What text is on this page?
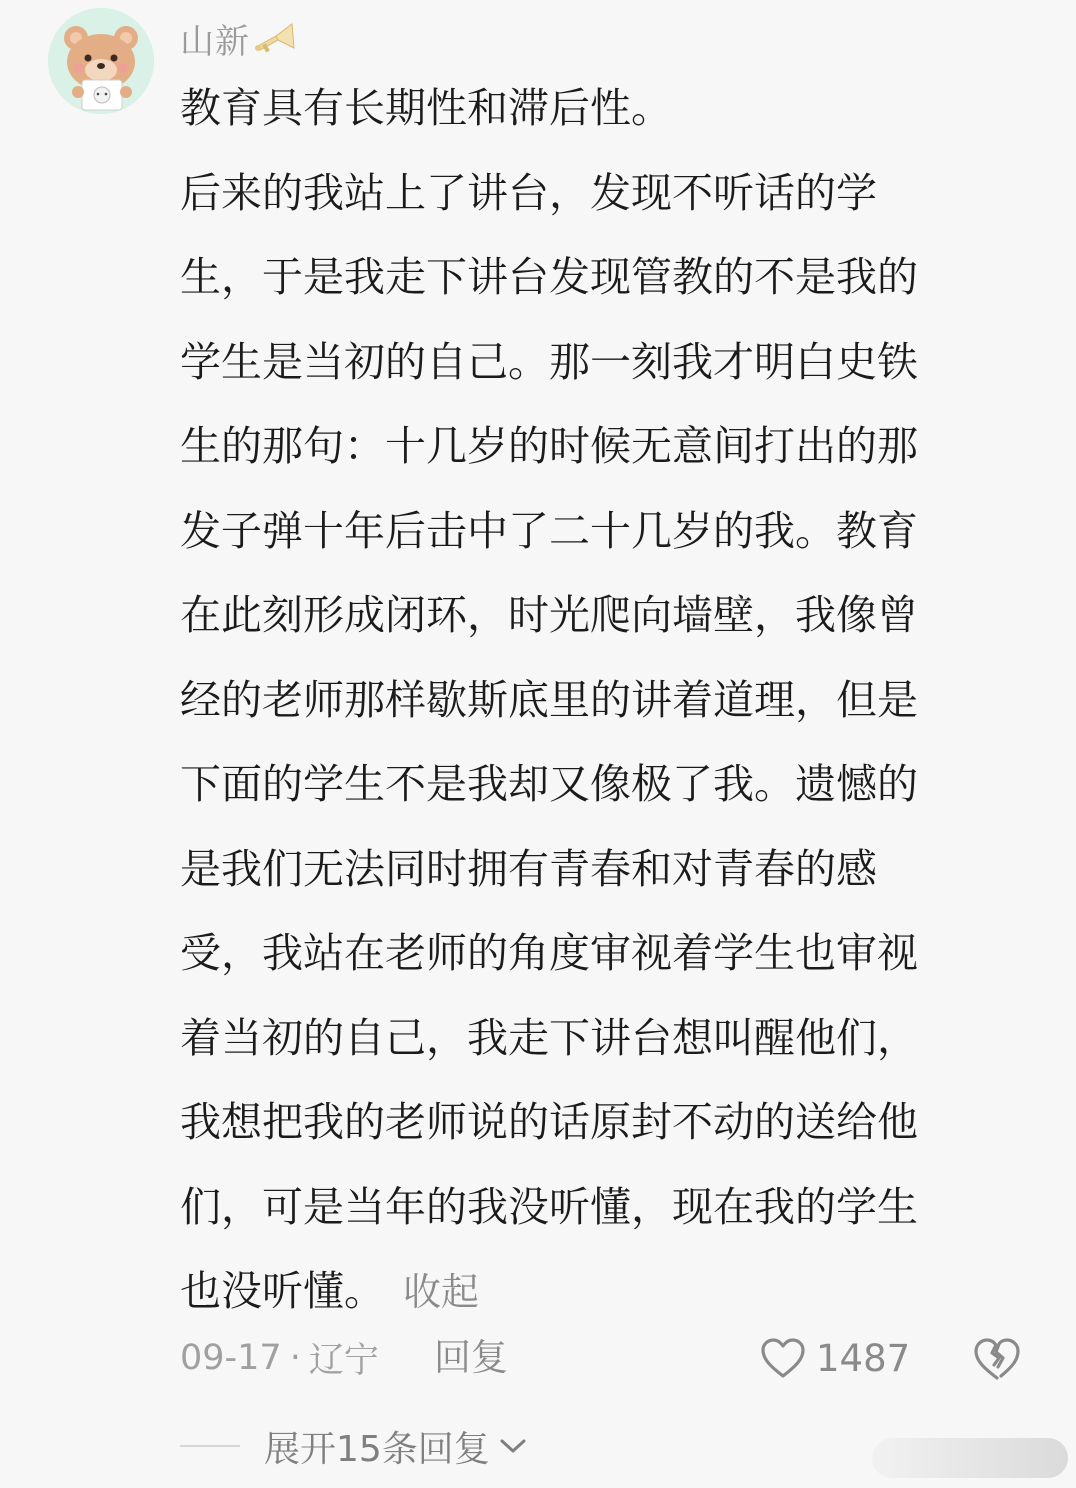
山新
教育具有长期性和滞后性。
后来的我站上了讲台，发现不听话的学
生，于是我走下讲台发现管教的不是我的
学生是当初的自己。那一刻我才明白史铁
生的那句：十几岁的时候无意间打出的那
发子弹十年后击中了二十几岁的我。教育
在此刻形成闭环，时光爬向墙壁，我像曾
经的老师那样歇斯底里的讲着道理，但是
下面的学生不是我却又像极了我。遗憾的
是我们无法同时拥有青春和对青春的感
受，我站在老师的角度审视着学生也审视
着当初的自己，我走下讲台想叫醒他们，
我想把我的老师说的话原封不动的送给他
们，可是当年的我没听懂，现在我的学生
也没听懂。 收起
09-17 · 辽宁 回复	1487
展开15条回复
